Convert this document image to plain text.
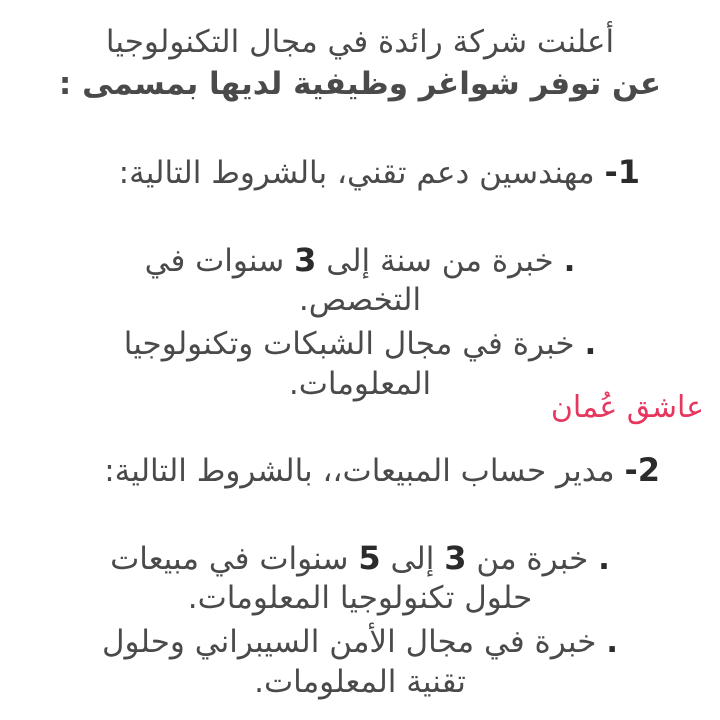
أعلنت شركة رائدة في مجال التكنولوجيا
عن توفر شواغر وظيفية لديها بمسمى :
1- مهندسين دعم تقني، بالشروط التالية:
. خبرة من سنة إلى 3 سنوات في
التخصص.
. خبرة في مجال الشبكات وتكنولوجيا
المعلومات.
عاشق عُمان
2- مدير حساب المبيعات،، بالشروط التالية:
. خبرة من 3 إلى 5 سنوات في مبيعات
حلول تكنولوجيا المعلومات.
. خبرة في مجال الأمن السيبراني وحلول
تقنية المعلومات.
